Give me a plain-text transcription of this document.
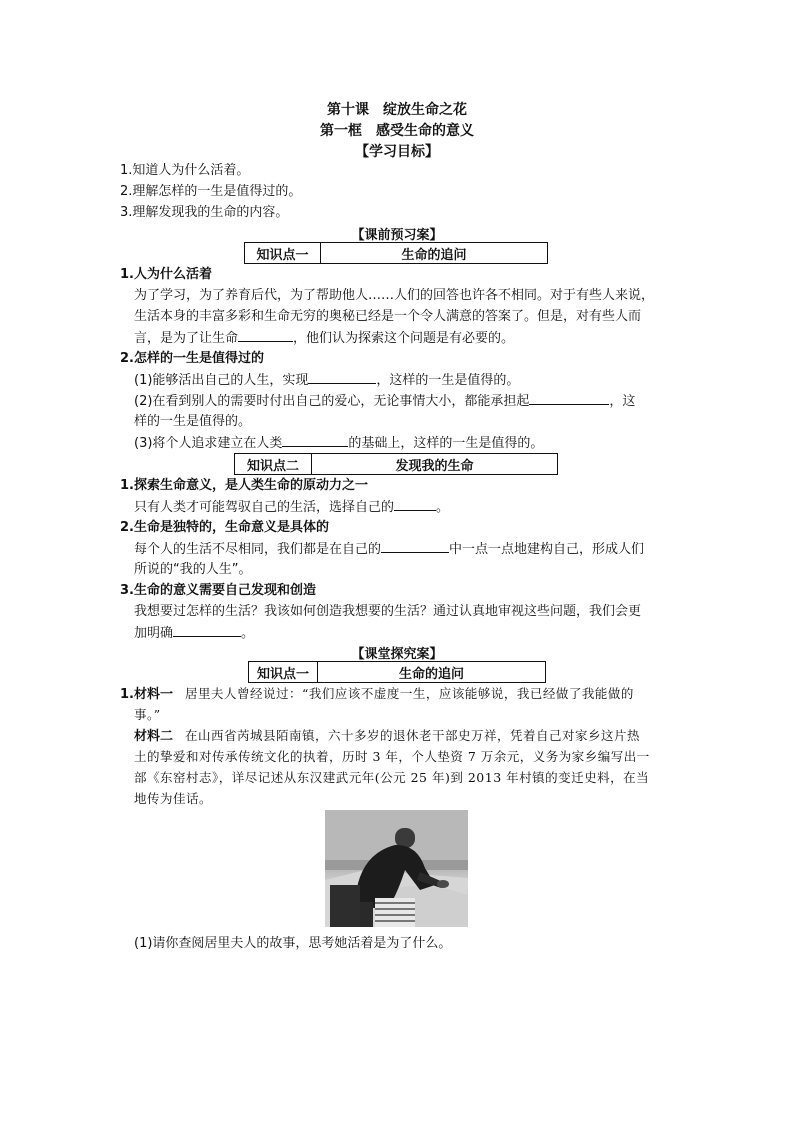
第十课　绽放生命之花
第一框　感受生命的意义
【学习目标】
1.知道人为什么活着。
2.理解怎样的一生是值得过的。
3.理解发现我的生命的内容。
【课前预习案】
知识点一	生命的追问
1.人为什么活着
为了学习，为了养育后代，为了帮助他人……人们的回答也许各不相同。对于有些人来说，
生活本身的丰富多彩和生命无穷的奥秘已经是一个令人满意的答案了。但是，对有些人而
言，是为了让生命	，他们认为探索这个问题是有必要的。
2.怎样的一生是值得过的
(1)能够活出自己的人生，实现	，这样的一生是值得的。
(2)在看到别人的需要时付出自己的爱心，无论事情大小，都能承担起	，这
样的一生是值得的。
(3)将个人追求建立在人类	的基础上，这样的一生是值得的。
知识点二	发现我的生命
1.探索生命意义，是人类生命的原动力之一
只有人类才可能驾驭自己的生活，选择自己的	。
2.生命是独特的，生命意义是具体的
每个人的生活不尽相同，我们都是在自己的	中一点一点地建构自己，形成人们
所说的“我的人生”。
3.生命的意义需要自己发现和创造
我想要过怎样的生活？我该如何创造我想要的生活？通过认真地审视这些问题，我们会更
加明确	。
【课堂探究案】
知识点一	生命的追问
1.材料一 居里夫人曾经说过：“我们应该不虚度一生，应该能够说，我已经做了我能做的
事。”
材料二 在山西省芮城县陌南镇，六十多岁的退休老干部史万祥，凭着自己对家乡这片热
土的挚爱和对传承传统文化的执着，历时 3 年，个人垫资 7 万余元，义务为家乡编写出一
部《东窑村志》，详尽记述从东汉建武元年(公元 25 年)到 2013 年村镇的变迁史料，在当
地传为佳话。
(1)请你查阅居里夫人的故事，思考她活着是为了什么。
